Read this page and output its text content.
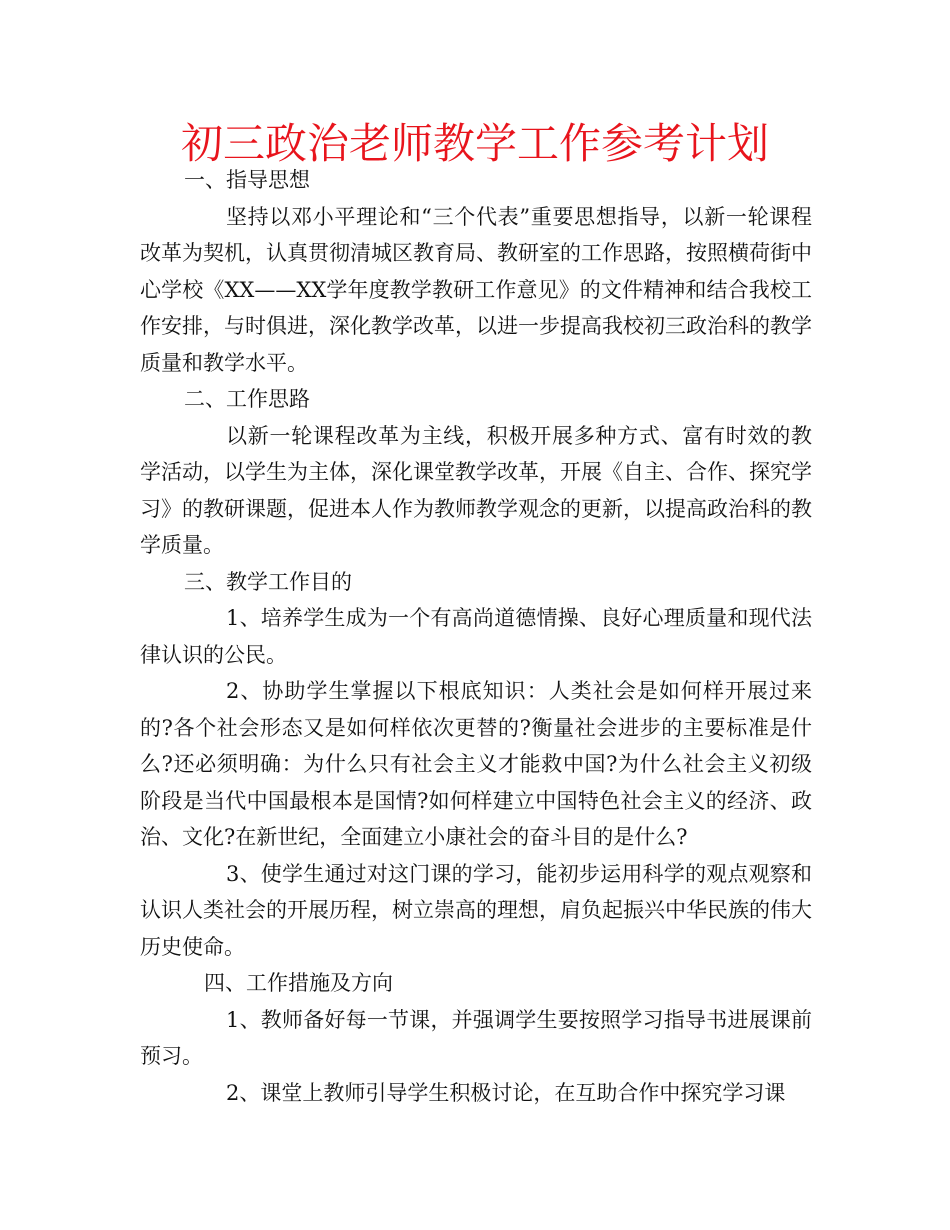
初三政治老师教学工作参考计划

一、指导思想

坚持以邓小平理论和“三个代表”重要思想指导，以新一轮课程改革为契机，认真贯彻清城区教育局、教研室的工作思路，按照横荷街中心学校《XX——XX学年度教学教研工作意见》的文件精神和结合我校工作安排，与时俱进，深化教学改革，以进一步提高我校初三政治科的教学质量和教学水平。

二、工作思路

以新一轮课程改革为主线，积极开展多种方式、富有时效的教学活动，以学生为主体，深化课堂教学改革，开展《自主、合作、探究学习》的教研课题，促进本人作为教师教学观念的更新，以提高政治科的教学质量。

三、教学工作目的

1、培养学生成为一个有高尚道德情操、良好心理质量和现代法律认识的公民。

2、协助学生掌握以下根底知识：人类社会是如何样开展过来的?各个社会形态又是如何样依次更替的?衡量社会进步的主要标准是什么?还必须明确：为什么只有社会主义才能救中国?为什么社会主义初级阶段是当代中国最根本是国情?如何样建立中国特色社会主义的经济、政治、文化?在新世纪，全面建立小康社会的奋斗目的是什么?

3、使学生通过对这门课的学习，能初步运用科学的观点观察和认识人类社会的开展历程，树立崇高的理想，肩负起振兴中华民族的伟大历史使命。

四、工作措施及方向

1、教师备好每一节课，并强调学生要按照学习指导书进展课前预习。

2、课堂上教师引导学生积极讨论，在互助合作中探究学习课
